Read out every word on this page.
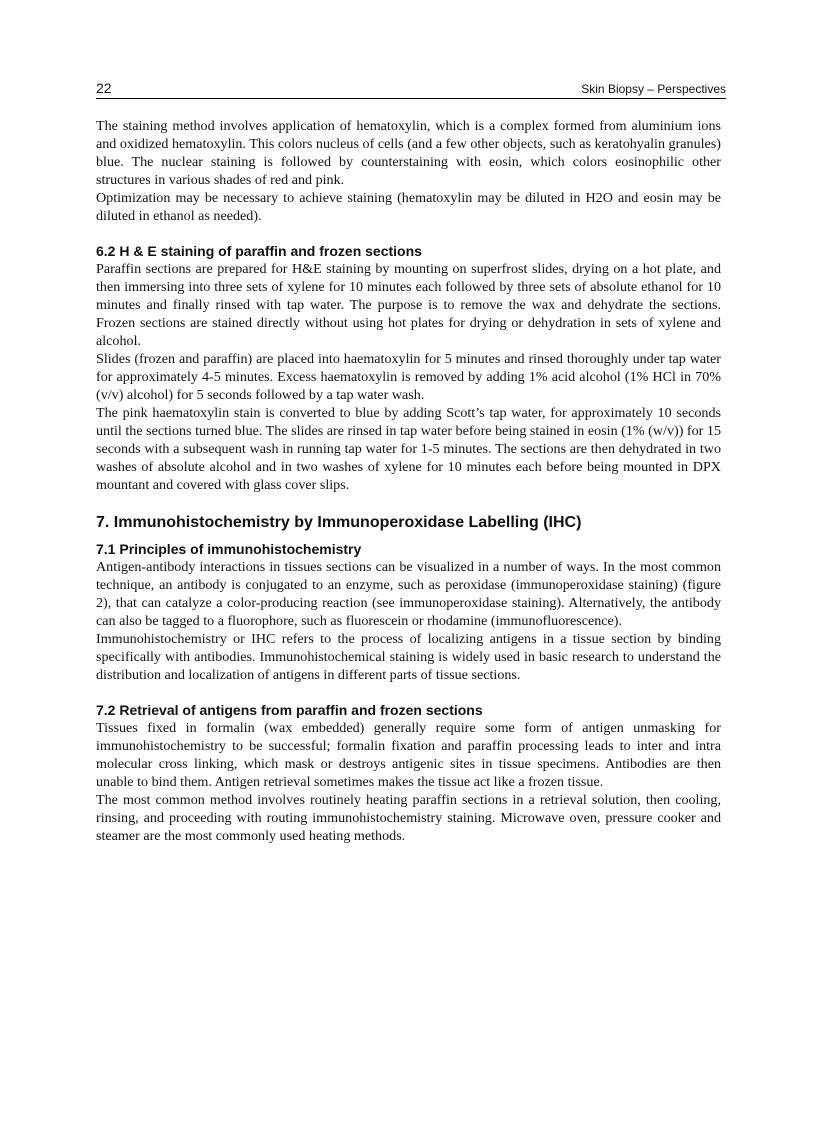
22	Skin Biopsy – Perspectives

The staining method involves application of hematoxylin, which is a complex formed from aluminium ions and oxidized hematoxylin. This colors nucleus of cells (and a few other objects, such as keratohyalin granules) blue. The nuclear staining is followed by counterstaining with eosin, which colors eosinophilic other structures in various shades of red and pink.

Optimization may be necessary to achieve staining (hematoxylin may be diluted in H2O and eosin may be diluted in ethanol as needed).

6.2 H & E staining of paraffin and frozen sections

Paraffin sections are prepared for H&E staining by mounting on superfrost slides, drying on a hot plate, and then immersing into three sets of xylene for 10 minutes each followed by three sets of absolute ethanol for 10 minutes and finally rinsed with tap water. The purpose is to remove the wax and dehydrate the sections. Frozen sections are stained directly without using hot plates for drying or dehydration in sets of xylene and alcohol.

Slides (frozen and paraffin) are placed into haematoxylin for 5 minutes and rinsed thoroughly under tap water for approximately 4-5 minutes. Excess haematoxylin is removed by adding 1% acid alcohol (1% HCl in 70% (v/v) alcohol) for 5 seconds followed by a tap water wash.

The pink haematoxylin stain is converted to blue by adding Scott’s tap water, for approximately 10 seconds until the sections turned blue. The slides are rinsed in tap water before being stained in eosin (1% (w/v)) for 15 seconds with a subsequent wash in running tap water for 1-5 minutes. The sections are then dehydrated in two washes of absolute alcohol and in two washes of xylene for 10 minutes each before being mounted in DPX mountant and covered with glass cover slips.

7. Immunohistochemistry by Immunoperoxidase Labelling (IHC)
7.1 Principles of immunohistochemistry

Antigen-antibody interactions in tissues sections can be visualized in a number of ways. In the most common technique, an antibody is conjugated to an enzyme, such as peroxidase (immunoperoxidase staining) (figure 2), that can catalyze a color-producing reaction (see immunoperoxidase staining). Alternatively, the antibody can also be tagged to a fluorophore, such as fluorescein or rhodamine (immunofluorescence).

Immunohistochemistry or IHC refers to the process of localizing antigens in a tissue section by binding specifically with antibodies. Immunohistochemical staining is widely used in basic research to understand the distribution and localization of antigens in different parts of tissue sections.

7.2 Retrieval of antigens from paraffin and frozen sections

Tissues fixed in formalin (wax embedded) generally require some form of antigen unmasking for immunohistochemistry to be successful; formalin fixation and paraffin processing leads to inter and intra molecular cross linking, which mask or destroys antigenic sites in tissue specimens. Antibodies are then unable to bind them. Antigen retrieval sometimes makes the tissue act like a frozen tissue.

The most common method involves routinely heating paraffin sections in a retrieval solution, then cooling, rinsing, and proceeding with routing immunohistochemistry staining. Microwave oven, pressure cooker and steamer are the most commonly used heating methods.
